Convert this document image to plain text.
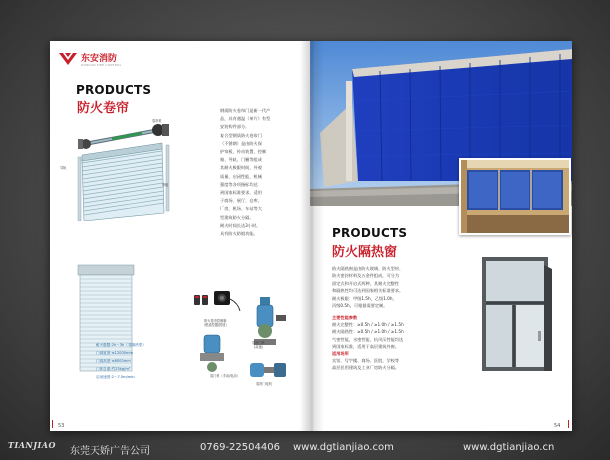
东安消防
DONGAN FIRE CONTROL
PRODUCTS
防火卷帘
导轨
帘板
卷帘机
钢质防火卷帘门是新一代产
品，具有遇温（单片）有型
安装构件部分。
复合型钢质防火卷帘门
（不锈钢）是由防火保
护帘板、传动装置、控制
箱、导轨、门楣等组成
其耐火极限时间、外观
质量、启闭性能、机械
强度等各项指标均达
到国家标准要求，适用
于商场、展厅、仓库、
厂房、机场、车站等大
型建筑防火分隔。
耐火时间长达3小时。
具有防火防烟功能。
防火卷帘控制箱
（配遥控器/按钮）
卷门机（手动/电动）
卷帘门机
(双速)
卷帘门电机
耐火极限:2h～3h（非隔热型）
门洞宽度:≤12000mm
门洞高度:≤6000mm
门体自重:约25kg/m²
启闭速度:2～7.5m/min
53
PRODUCTS
防火隔热窗
防火隔热窗是由防火玻璃、防火型材、
防火密封材料及五金件组成，可分为
固定式和开启式两种，其耐火完整性
和隔热性均可达到国家相关标准要求。
耐火极限：甲级1.5h，乙级1.0h，
丙级0.5h，可根据需要定制。
主要性能参数
耐火完整性：≥0.5h / ≥1.0h / ≥1.5h
耐火隔热性：≥0.5h / ≥1.0h / ≥1.5h
气密性能、水密性能、抗风压性能均达
到国家标准，适用于高层建筑外窗。
适用场所
宾馆、写字楼、商场、医院、学校等
高层民用建筑及工业厂房防火分隔。
54
TIANJIAO
东莞天娇广告公司	0769-22504406 www.dgtianjiao.com	www.dgtianjiao.cn
